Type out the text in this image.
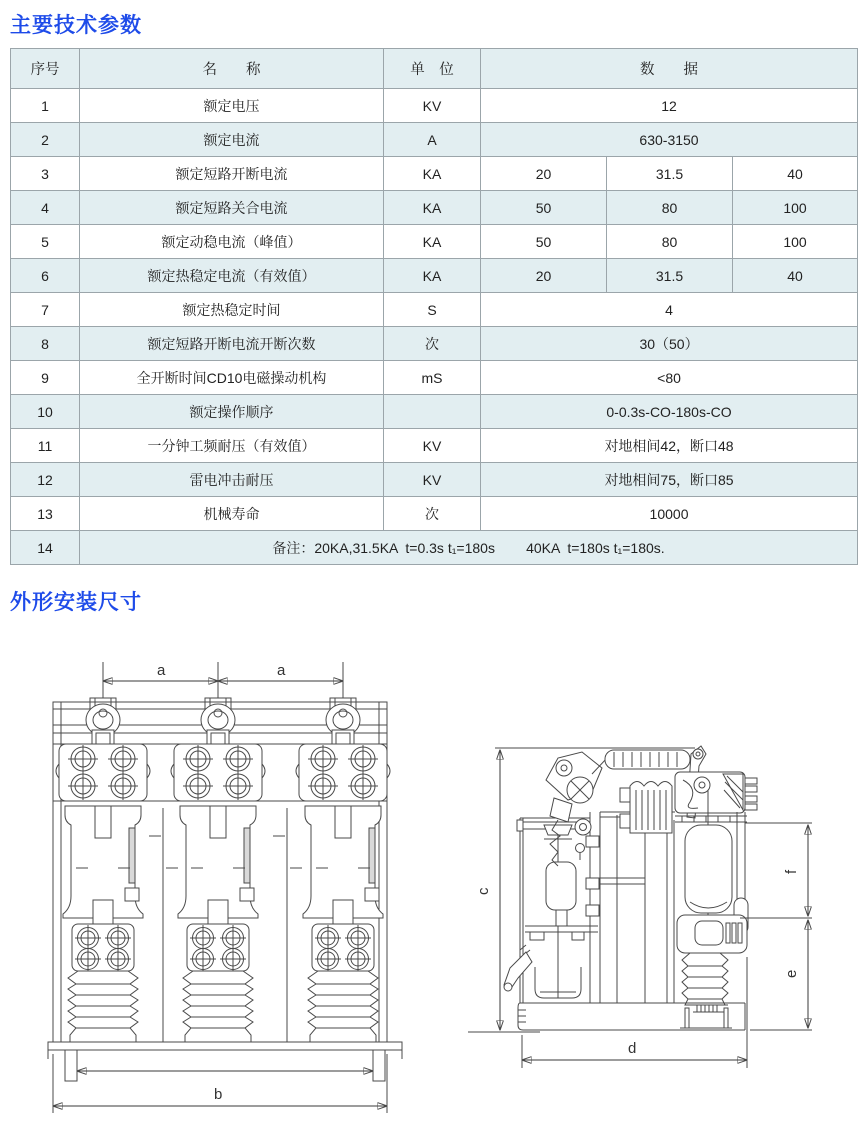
主要技术参数
序号	名　　称	单　位	数　　据		
1	额定电压	KV	12		
2	额定电流	A	630-3150		
3	额定短路开断电流	KA	20	31.5	40
4	额定短路关合电流	KA	50	80	100
5	额定动稳电流（峰值）	KA	50	80	100
6	额定热稳定电流（有效值）	KA	20	31.5	40
7	额定热稳定时间	S	4		
8	额定短路开断电流开断次数	次	30（50）		
9	全开断时间CD10电磁操动机构	mS	<80		
10	额定操作顺序		0-0.3s-CO-180s-CO		
11	一分钟工频耐压（有效值）	KV	对地相间42，断口48		
12	雷电冲击耐压	KV	对地相间75，断口85		
13	机械寿命	次	10000		
14	备注：20KA,31.5KA  t=0.3s t₁=180s        40KA  t=180s t₁=180s.				
外形安装尺寸
a	a
b
c
f
e
d
